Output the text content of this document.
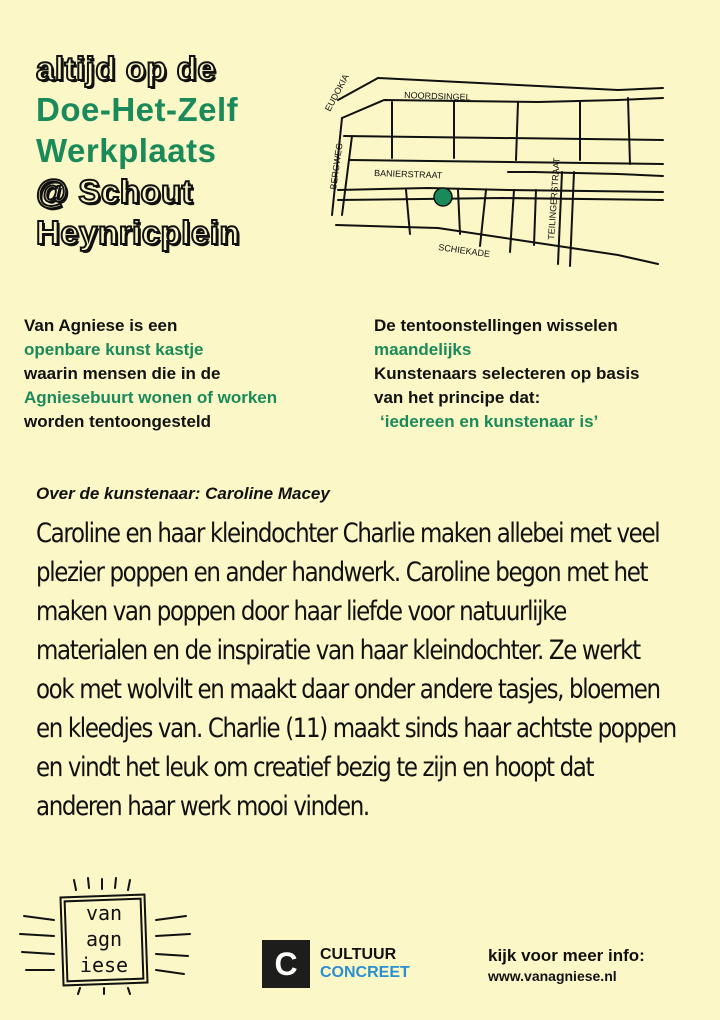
altijd op de
Doe-Het-Zelf
Werkplaats
@ Schout
Heynricplein
EUDOKIA	NOORDSINGEL
BERGWEG	BANIERSTRAAT	TEILINGERSTRAAT
SCHIEKADE
Van Agniese is een
openbare kunst kastje
waarin mensen die in de
Agniesebuurt wonen of worken
worden tentoongesteld
De tentoonstellingen wisselen
maandelijks
Kunstenaars selecteren op basis
van het principe dat:
‘iedereen en kunstenaar is’
Over de kunstenaar: Caroline Macey
Caroline en haar kleindochter Charlie maken allebei met veel
plezier poppen en ander handwerk. Caroline begon met het
maken van poppen door haar liefde voor natuurlijke
materialen en de inspiratie van haar kleindochter. Ze werkt
ook met wolvilt en maakt daar onder andere tasjes, bloemen
en kleedjes van. Charlie (11) maakt sinds haar achtste poppen
en vindt het leuk om creatief bezig te zijn en hoopt dat
anderen haar werk mooi vinden.
van
agn
iese	C	CULTUUR
CONCREET
kijk voor meer info:
www.vanagniese.nl
